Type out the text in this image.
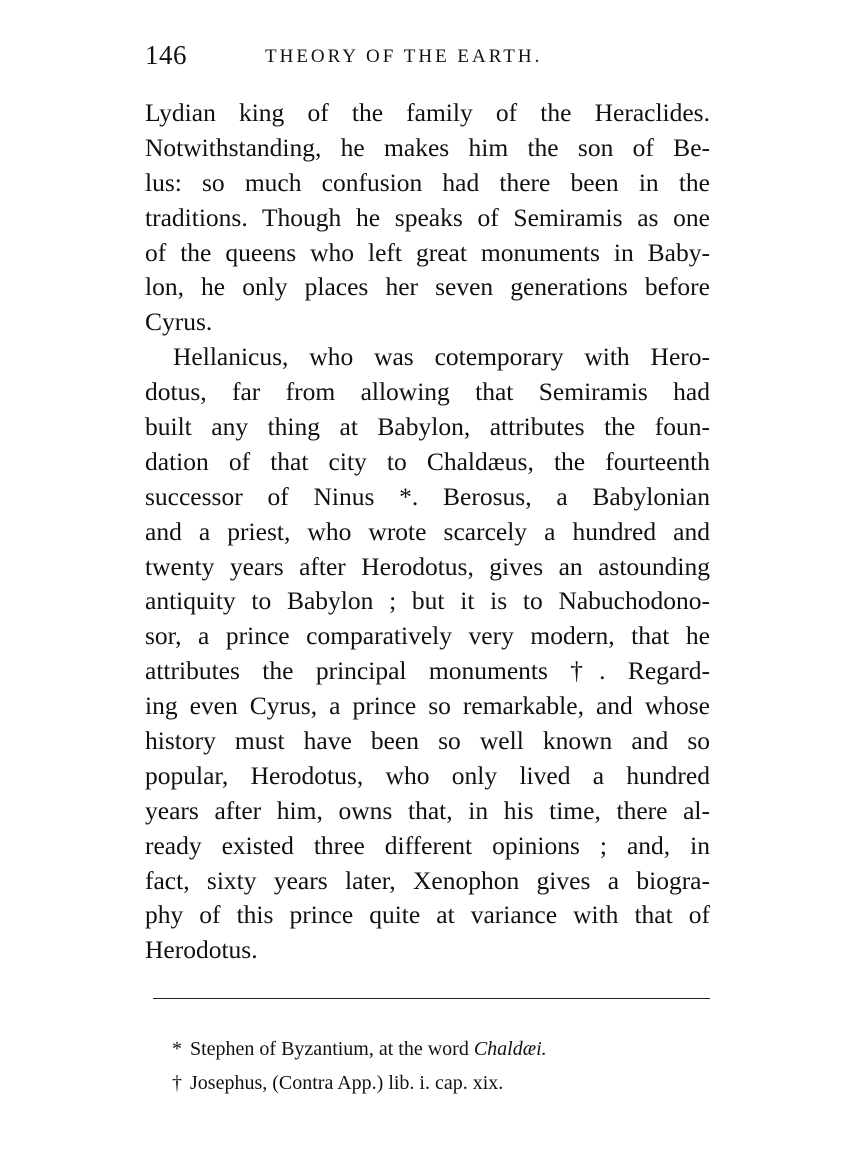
146	THEORY OF THE EARTH.
Lydian king of the family of the Heraclides.
Notwithstanding, he makes him the son of Be-
lus: so much confusion had there been in the
traditions. Though he speaks of Semiramis as one
of the queens who left great monuments in Baby-
lon, he only places her seven generations before
Cyrus.
Hellanicus, who was cotemporary with Hero-
dotus, far from allowing that Semiramis had
built any thing at Babylon, attributes the foun-
dation of that city to Chaldæus, the fourteenth
successor of Ninus *. Berosus, a Babylonian
and a priest, who wrote scarcely a hundred and
twenty years after Herodotus, gives an astounding
antiquity to Babylon ; but it is to Nabuchodono-
sor, a prince comparatively very modern, that he
attributes the principal monuments †. Regard-
ing even Cyrus, a prince so remarkable, and whose
history must have been so well known and so
popular, Herodotus, who only lived a hundred
years after him, owns that, in his time, there al-
ready existed three different opinions ; and, in
fact, sixty years later, Xenophon gives a biogra-
phy of this prince quite at variance with that of
Herodotus.
* Stephen of Byzantium, at the word Chaldæi.
† Josephus, (Contra App.) lib. i. cap. xix.
